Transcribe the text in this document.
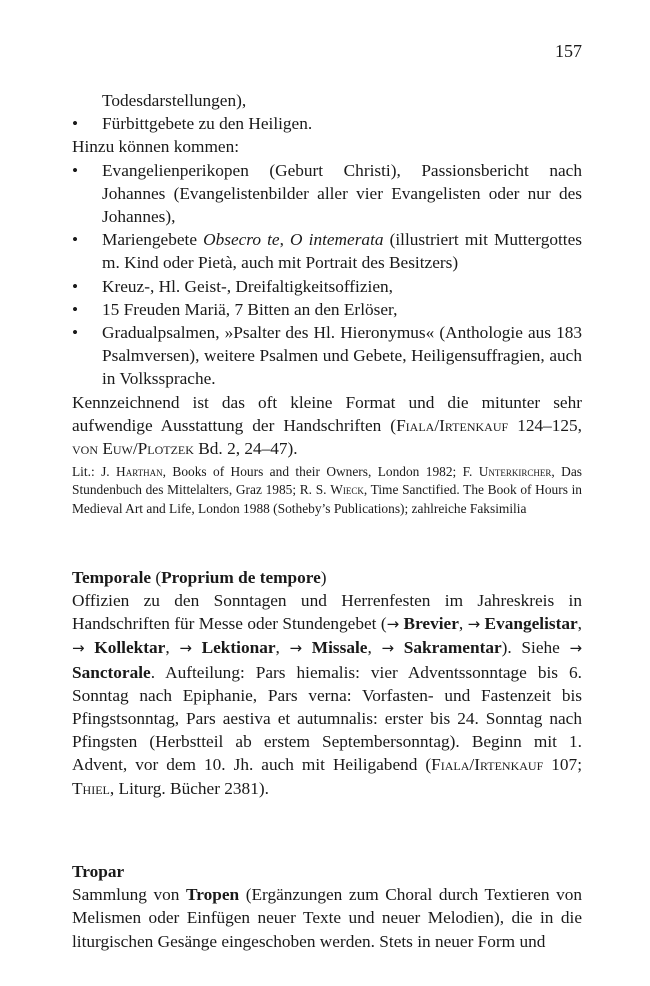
157

Todesdarstellungen),

• Fürbittgebete zu den Heiligen.

Hinzu können kommen:

• Evangelienperikopen (Geburt Christi), Passionsbericht nach Johannes (Evangelistenbilder aller vier Evangelisten oder nur des Johannes),
• Mariengebete Obsecro te, O intemerata (illustriert mit Muttergottes m. Kind oder Pietà, auch mit Portrait des Besitzers)
• Kreuz-, Hl. Geist-, Dreifaltigkeitsoffizien,
• 15 Freuden Mariä, 7 Bitten an den Erlöser,
• Gradualpsalmen, »Psalter des Hl. Hieronymus« (Anthologie aus 183 Psalmversen), weitere Psalmen und Gebete, Heiligensuffragien, auch in Volkssprache.

Kennzeichnend ist das oft kleine Format und die mitunter sehr aufwendige Ausstattung der Handschriften (Fiala/Irtenkauf 124–125, von Euw/Plotzek Bd. 2, 24–47).

Lit.: J. Harthan, Books of Hours and their Owners, London 1982; F. Unterkircher, Das Stundenbuch des Mittelalters, Graz 1985; R. S. Wieck, Time Sanctified. The Book of Hours in Medieval Art and Life, London 1988 (Sotheby’s Publications); zahlreiche Faksimilia

Temporale (Proprium de tempore)

Offizien zu den Sonntagen und Herrenfesten im Jahreskreis in Handschriften für Messe oder Stundengebet (→ Brevier, → Evangelistar, → Kollektar, → Lektionar, → Missale, → Sakramentar). Siehe → Sanctorale. Aufteilung: Pars hiemalis: vier Adventssonntage bis 6. Sonntag nach Epiphanie, Pars verna: Vorfasten- und Fastenzeit bis Pfingstsonntag, Pars aestiva et autumnalis: erster bis 24. Sonntag nach Pfingsten (Herbstteil ab erstem Septembersonntag). Beginn mit 1. Advent, vor dem 10. Jh. auch mit Heiligabend (Fiala/Irtenkauf 107; Thiel, Liturg. Bücher 2381).

Tropar

Sammlung von Tropen (Ergänzungen zum Choral durch Textieren von Melismen oder Einfügen neuer Texte und neuer Melodien), die in die liturgischen Gesänge eingeschoben werden. Stets in neuer Form und
